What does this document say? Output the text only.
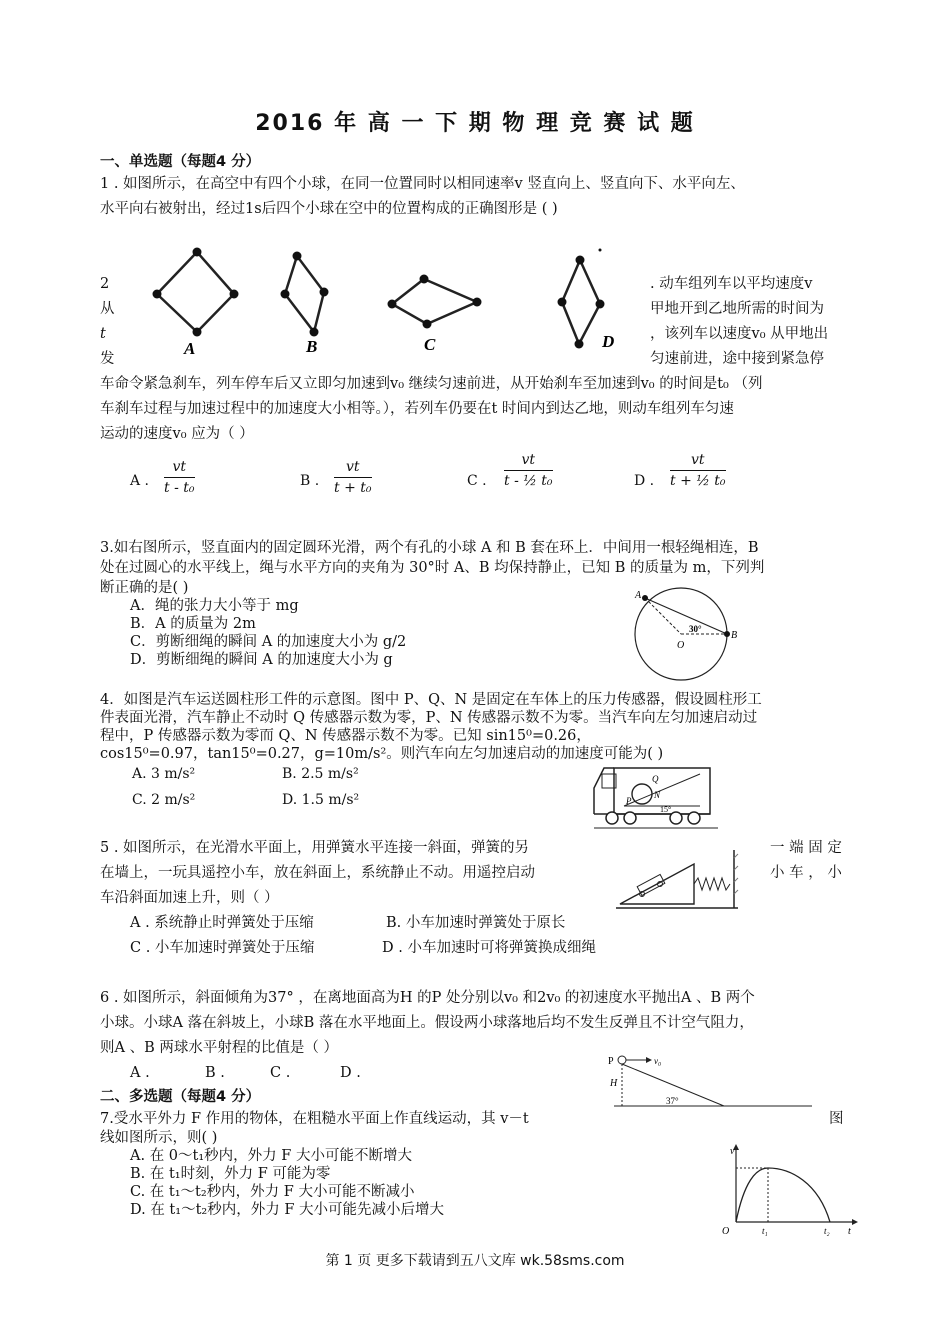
2016 年 高 一 下 期 物 理 竞 赛 试 题
一、单选题（每题4 分）
1 . 如图所示，在高空中有四个小球，在同一位置同时以相同速率v 竖直向上、竖直向下、水平向左、
水平向右被射出，经过1s后四个小球在空中的位置构成的正确图形是 ( )
A	B	C	D
2
从
t
发
. 动车组列车以平均速度v
甲地开到乙地所需的时间为
，该列车以速度v₀ 从甲地出
匀速前进，途中接到紧急停
车命令紧急刹车，列车停车后又立即匀加速到v₀ 继续匀速前进，从开始刹车至加速到v₀ 的时间是t₀ （列
车刹车过程与加速过程中的加速度大小相等。），若列车仍要在t 时间内到达乙地，则动车组列车匀速
运动的速度v₀ 应为（ ）
A . $\frac{vt}{\text{t - t₀}}$	B . $\frac{vt}{\text{t + t₀}}$	C . $\frac{vt}{\text{t - ½ t₀}}$	D . $\frac{vt}{\text{t + ½ t₀}}$
3.如右图所示，竖直面内的固定圆环光滑，两个有孔的小球 A 和 B 套在环上．中间用一根轻绳相连，B
处在过圆心的水平线上，绳与水平方向的夹角为 30°时 A、B 均保持静止，已知 B 的质量为 m，下列判
断正确的是( )
A．绳的张力大小等于 mg
B．A 的质量为 2m
C．剪断细绳的瞬间 A 的加速度大小为 g/2
D．剪断细绳的瞬间 A 的加速度大小为 g
A
B
O
30°
4．如图是汽车运送圆柱形工件的示意图。图中 P、Q、N 是固定在车体上的压力传感器，假设圆柱形工
件表面光滑，汽车静止不动时 Q 传感器示数为零，P、N 传感器示数不为零。当汽车向左匀加速启动过
程中，P 传感器示数为零而 Q、N 传感器示数不为零。已知 sin15⁰=0.26，
cos15⁰=0.97，tan15⁰=0.27，g=10m/s²。则汽车向左匀加速启动的加速度可能为( )
A. 3 m/s²	B. 2.5 m/s²
C. 2 m/s²	D. 1.5 m/s²
Q
N
P
15°
5 . 如图所示，在光滑水平面上，用弹簧水平连接一斜面，弹簧的另	一 端 固 定
在墙上，一玩具遥控小车，放在斜面上，系统静止不动。用遥控启动	小 车 ， 小
车沿斜面加速上升，则（ ）
A . 系统静止时弹簧处于压缩	B. 小车加速时弹簧处于原长
C . 小车加速时弹簧处于压缩	D . 小车加速时可将弹簧换成细绳
6 . 如图所示，斜面倾角为37° ，在离地面高为H 的P 处分别以v₀ 和2v₀ 的初速度水平抛出A 、B 两个
小球。小球A 落在斜坡上，小球B 落在水平地面上。假设两小球落地后均不发生反弹且不计空气阻力，
则A 、B 两球水平射程的比值是（ ）
A .	B .	C .	D .
P	v₀
H
37°
二、多选题（每题4 分）
7.受水平外力 F 作用的物体，在粗糙水平面上作直线运动，其 v－t	图
线如图所示，则( )
A. 在 0～t₁秒内，外力 F 大小可能不断增大
B. 在 t₁时刻，外力 F 可能为零
C. 在 t₁～t₂秒内，外力 F 大小可能不断减小
D. 在 t₁～t₂秒内，外力 F 大小可能先减小后增大
v
O	t₁	t₂ t
第 1 页 更多下载请到五八文库 wk.58sms.com
